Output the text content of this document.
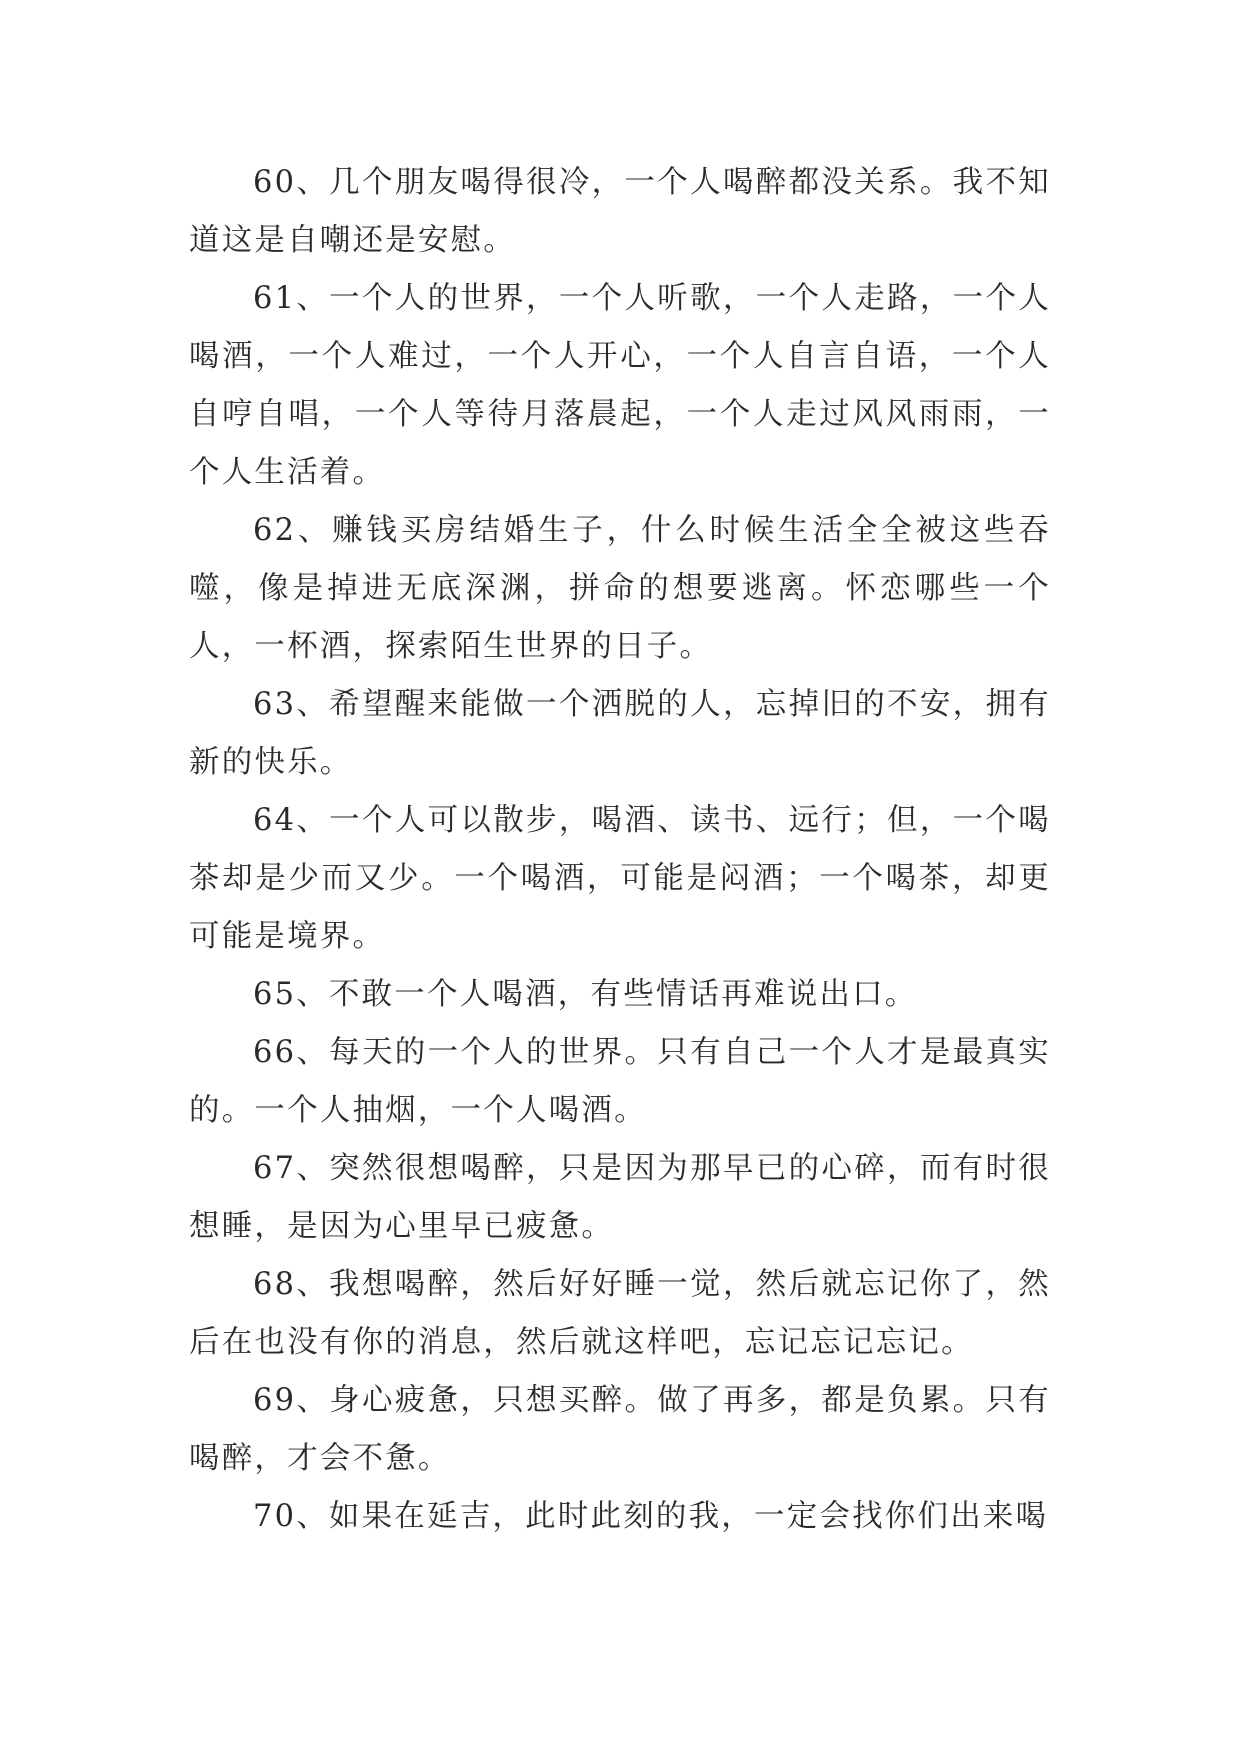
60、几个朋友喝得很冷，一个人喝醉都没关系。我不知道这是自嘲还是安慰。

61、一个人的世界，一个人听歌，一个人走路，一个人喝酒，一个人难过，一个人开心，一个人自言自语，一个人自哼自唱，一个人等待月落晨起，一个人走过风风雨雨，一个人生活着。

62、赚钱买房结婚生子，什么时候生活全全被这些吞噬，像是掉进无底深渊，拼命的想要逃离。怀恋哪些一个人，一杯酒，探索陌生世界的日子。

63、希望醒来能做一个洒脱的人，忘掉旧的不安，拥有新的快乐。

64、一个人可以散步，喝酒、读书、远行；但，一个喝茶却是少而又少。一个喝酒，可能是闷酒；一个喝茶，却更可能是境界。

65、不敢一个人喝酒，有些情话再难说出口。

66、每天的一个人的世界。只有自己一个人才是最真实的。一个人抽烟，一个人喝酒。

67、突然很想喝醉，只是因为那早已的心碎，而有时很想睡，是因为心里早已疲惫。

68、我想喝醉，然后好好睡一觉，然后就忘记你了，然后在也没有你的消息，然后就这样吧，忘记忘记忘记。

69、身心疲惫，只想买醉。做了再多，都是负累。只有喝醉，才会不惫。

70、如果在延吉，此时此刻的我，一定会找你们出来喝
